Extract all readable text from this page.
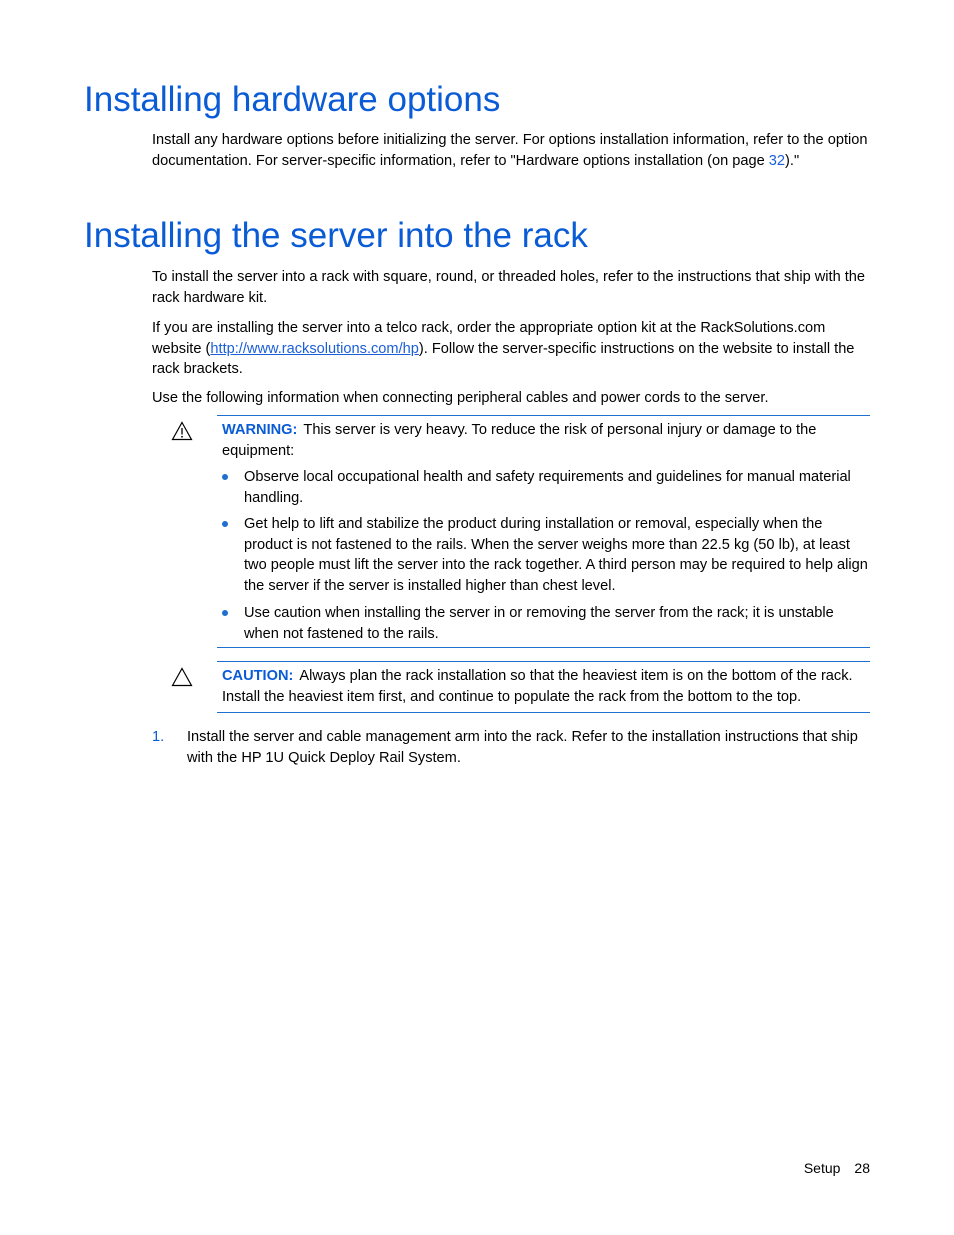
Installing hardware options

Install any hardware options before initializing the server. For options installation information, refer to the option documentation. For server-specific information, refer to "Hardware options installation (on page 32)."

Installing the server into the rack

To install the server into a rack with square, round, or threaded holes, refer to the instructions that ship with the rack hardware kit.

If you are installing the server into a telco rack, order the appropriate option kit at the RackSolutions.com website (http://www.racksolutions.com/hp). Follow the server-specific instructions on the website to install the rack brackets.

Use the following information when connecting peripheral cables and power cords to the server.

WARNING: This server is very heavy. To reduce the risk of personal injury or damage to the equipment:

Observe local occupational health and safety requirements and guidelines for manual material handling.
Get help to lift and stabilize the product during installation or removal, especially when the product is not fastened to the rails. When the server weighs more than 22.5 kg (50 lb), at least two people must lift the server into the rack together. A third person may be required to help align the server if the server is installed higher than chest level.
Use caution when installing the server in or removing the server from the rack; it is unstable when not fastened to the rails.

CAUTION: Always plan the rack installation so that the heaviest item is on the bottom of the rack. Install the heaviest item first, and continue to populate the rack from the bottom to the top.

1. Install the server and cable management arm into the rack. Refer to the installation instructions that ship with the HP 1U Quick Deploy Rail System.
Setup 28
